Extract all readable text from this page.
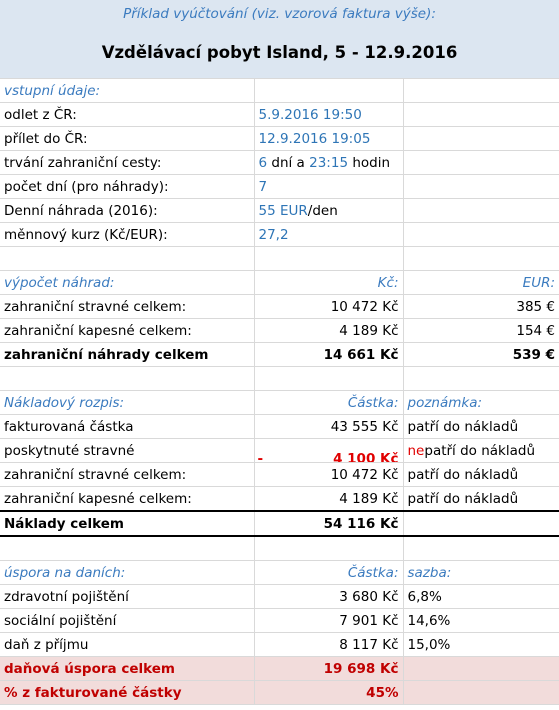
Příklad vyúčtování (viz. vzorová faktura výše):		
Vzdělávací pobyt Island, 5 - 12.9.2016		
vstupní údaje:		
odlet z ČR:	5.9.2016 19:50	
přílet do ČR:	12.9.2016 19:05	
trvání zahraniční cesty:	6 dní a 23:15 hodin	
počet dní (pro náhrady):	7	
Denní náhrada (2016):	55 EUR/den	
měnnový kurz (Kč/EUR):	27,2	

výpočet náhrad:	Kč:	EUR:
zahraniční stravné celkem:	10 472 Kč	385 €
zahraniční kapesné celkem:	4 189 Kč	154 €
zahraniční náhrady celkem	14 661 Kč	539 €

Nákladový rozpis:	Částka:	poznámka:
fakturovaná částka	43 555 Kč	patří do nákladů
poskytnuté stravné	- 4 100 Kč	nepatří do nákladů
zahraniční stravné celkem:	10 472 Kč	patří do nákladů
zahraniční kapesné celkem:	4 189 Kč	patří do nákladů
Náklady celkem	54 116 Kč	

úspora na daních:	Částka:	sazba:
zdravotní pojištění	3 680 Kč	6,8%
sociální pojištění	7 901 Kč	14,6%
daň z příjmu	8 117 Kč	15,0%
daňová úspora celkem	19 698 Kč	
% z fakturované částky	45%	
